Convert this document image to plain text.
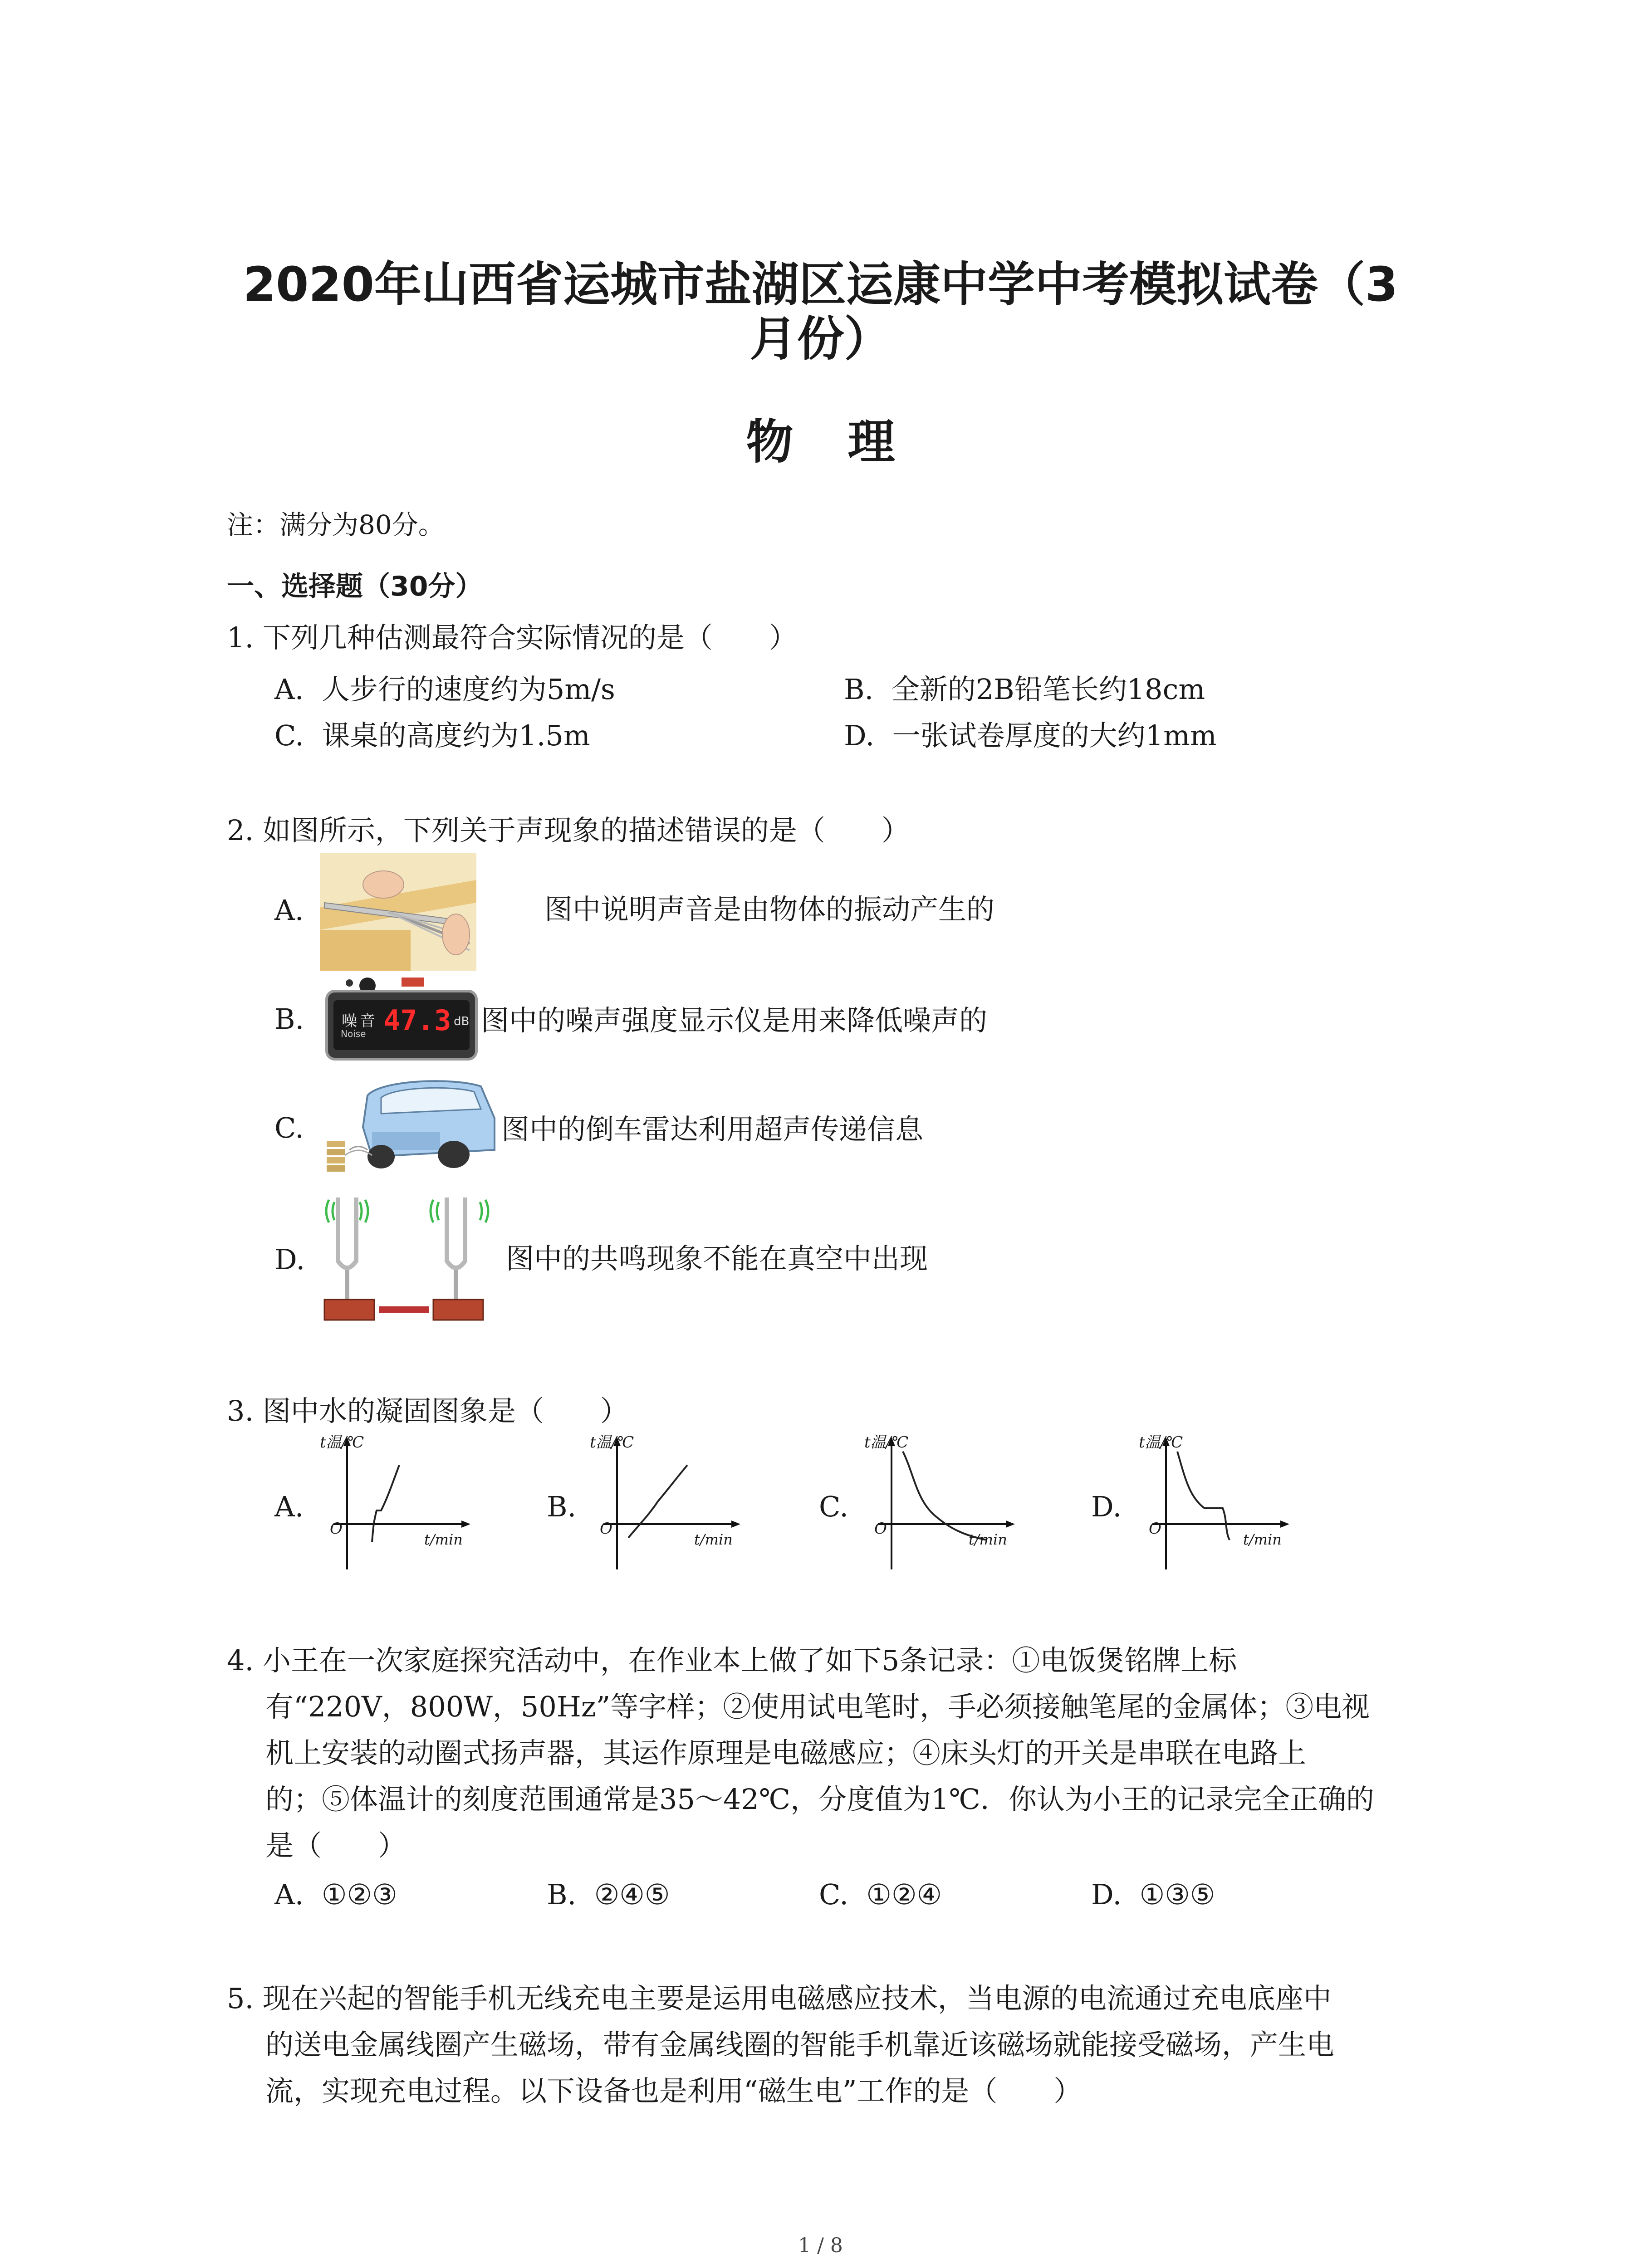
2020年山西省运城市盐湖区运康中学中考模拟试卷（3
月份）
物理
注：满分为80分。
一、选择题（30分）
1. 下列几种估测最符合实际情况的是（　　）
A. 人步行的速度约为5m/s	B. 全新的2B铅笔长约18cm
C. 课桌的高度约为1.5m	D. 一张试卷厚度的大约1mm
2. 如图所示，下列关于声现象的描述错误的是（　　）
A.	图中说明声音是由物体的振动产生的
B. 噪 音
Noise 47.3 dB 图中的噪声强度显示仪是用来降低噪声的
C.	图中的倒车雷达利用超声传递信息
D.	图中的共鸣现象不能在真空中出现
3. 图中水的凝固图象是（　　）
A.
t温/℃
t/min
O
B.
t温/℃
t/min
O
C.
t温/℃
t/min
O
D.
t温/℃
t/min
O
4. 小王在一次家庭探究活动中，在作业本上做了如下5条记录：①电饭煲铭牌上标
有“220V，800W，50Hz”等字样；②使用试电笔时，手必须接触笔尾的金属体；③电视
机上安装的动圈式扬声器，其运作原理是电磁感应；④床头灯的开关是串联在电路上
的；⑤体温计的刻度范围通常是35～42℃，分度值为1℃．你认为小王的记录完全正确的
是（　　）
A. ①②③	B. ②④⑤	C. ①②④	D. ①③⑤
5. 现在兴起的智能手机无线充电主要是运用电磁感应技术，当电源的电流通过充电底座中
的送电金属线圈产生磁场，带有金属线圈的智能手机靠近该磁场就能接受磁场，产生电
流，实现充电过程。以下设备也是利用“磁生电”工作的是（　　）
1 / 8
